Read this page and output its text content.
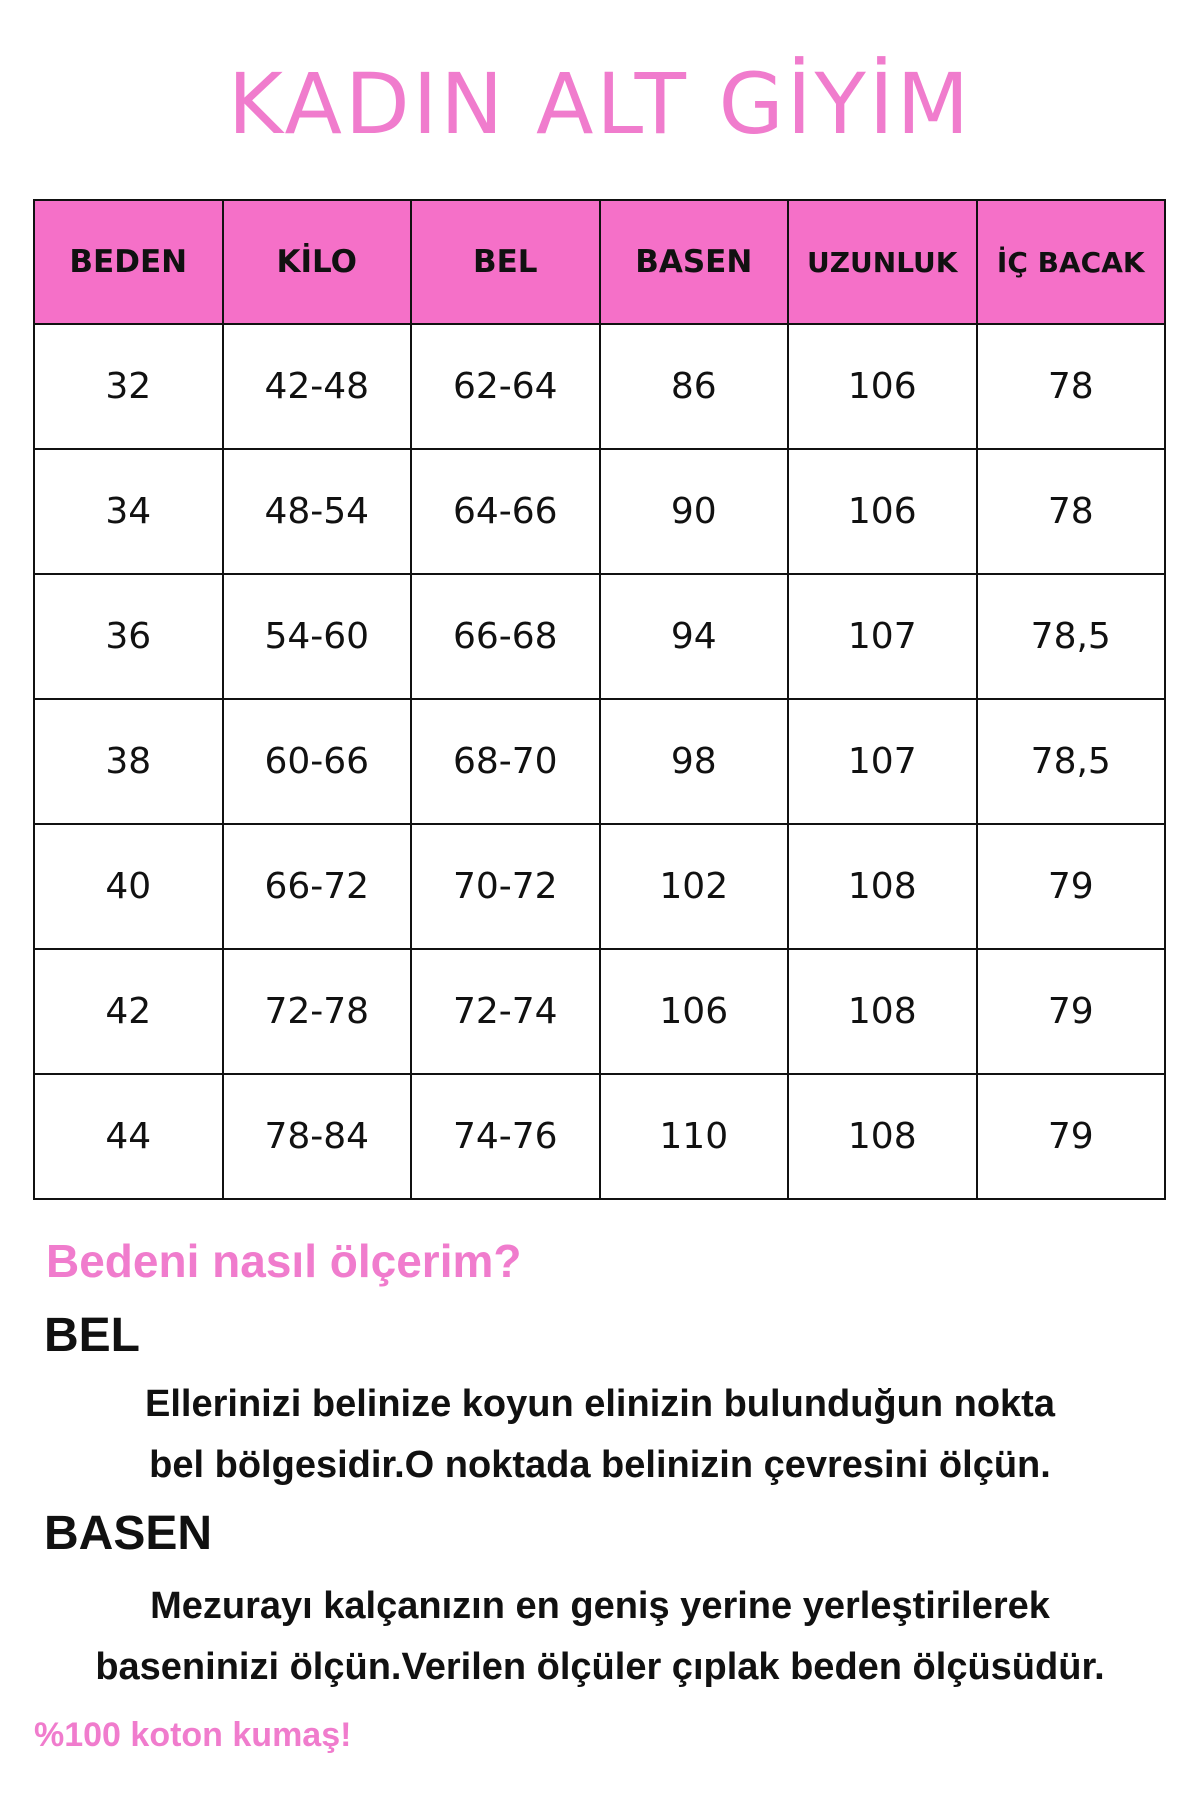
KADIN ALT GİYİM
BEDEN	KİLO	BEL	BASEN	UZUNLUK	İÇ BACAK
32	42-48	62-64	86	106	78
34	48-54	64-66	90	106	78
36	54-60	66-68	94	107	78,5
38	60-66	68-70	98	107	78,5
40	66-72	70-72	102	108	79
42	72-78	72-74	106	108	79
44	78-84	74-76	110	108	79
Bedeni nasıl ölçerim?
BEL
Ellerinizi belinize koyun elinizin bulunduğun nokta
bel bölgesidir.O noktada belinizin çevresini ölçün.
BASEN
Mezurayı kalçanızın en geniş yerine yerleştirilerek
baseninizi ölçün.Verilen ölçüler çıplak beden ölçüsüdür.
%100 koton kumaş!
